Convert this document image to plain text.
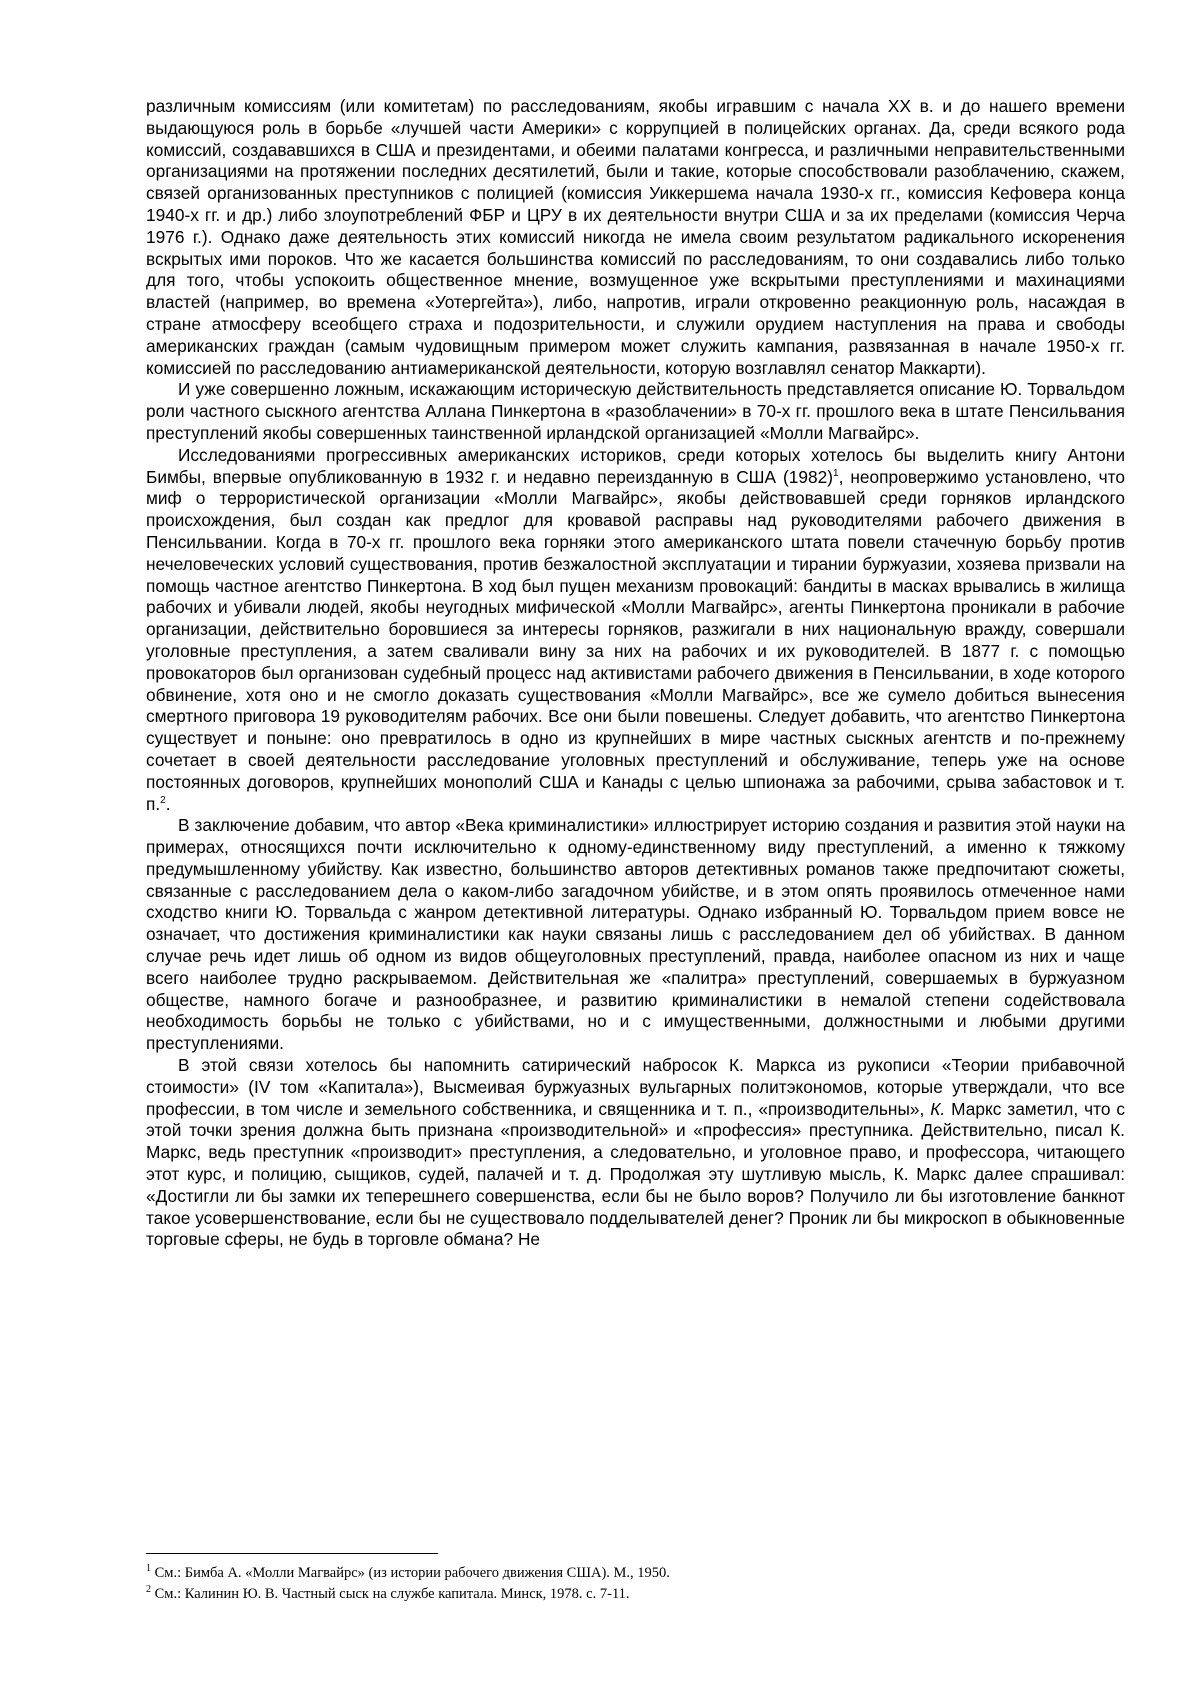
различным комиссиям (или комитетам) по расследованиям, якобы игравшим с начала XX в. и до нашего времени выдающуюся роль в борьбе «лучшей части Америки» с коррупцией в полицейских органах. Да, среди всякого рода комиссий, создававшихся в США и президентами, и обеими палатами конгресса, и различными неправительственными организациями на протяжении последних десятилетий, были и такие, которые способствовали разоблачению, скажем, связей организованных преступников с полицией (комиссия Уиккершема начала 1930-х гг., комиссия Кефовера конца 1940-х гг. и др.) либо злоупотреблений ФБР и ЦРУ в их деятельности внутри США и за их пределами (комиссия Черча 1976 г.). Однако даже деятельность этих комиссий никогда не имела своим результатом радикального искоренения вскрытых ими пороков. Что же касается большинства комиссий по расследованиям, то они создавались либо только для того, чтобы успокоить общественное мнение, возмущенное уже вскрытыми преступлениями и махинациями властей (например, во времена «Уотергейта»), либо, напротив, играли откровенно реакционную роль, насаждая в стране атмосферу всеобщего страха и подозрительности, и служили орудием наступления на права и свободы американских граждан (самым чудовищным примером может служить кампания, развязанная в начале 1950-х гг. комиссией по расследованию антиамериканской деятельности, которую возглавлял сенатор Маккарти).

И уже совершенно ложным, искажающим историческую действительность представляется описание Ю. Торвальдом роли частного сыскного агентства Аллана Пинкертона в «разоблачении» в 70-х гг. прошлого века в штате Пенсильвания преступлений якобы совершенных таинственной ирландской организацией «Молли Магвайрс».

Исследованиями прогрессивных американских историков, среди которых хотелось бы выделить книгу Антони Бимбы, впервые опубликованную в 1932 г. и недавно переизданную в США (1982)1, неопровержимо установлено, что миф о террористической организации «Молли Магвайрс», якобы действовавшей среди горняков ирландского происхождения, был создан как предлог для кровавой расправы над руководителями рабочего движения в Пенсильвании. Когда в 70-х гг. прошлого века горняки этого американского штата повели стачечную борьбу против нечеловеческих условий существования, против безжалостной эксплуатации и тирании буржуазии, хозяева призвали на помощь частное агентство Пинкертона. В ход был пущен механизм провокаций: бандиты в масках врывались в жилища рабочих и убивали людей, якобы неугодных мифической «Молли Магвайрс», агенты Пинкертона проникали в рабочие организации, действительно боровшиеся за интересы горняков, разжигали в них национальную вражду, совершали уголовные преступления, а затем сваливали вину за них на рабочих и их руководителей. В 1877 г. с помощью провокаторов был организован судебный процесс над активистами рабочего движения в Пенсильвании, в ходе которого обвинение, хотя оно и не смогло доказать существования «Молли Магвайрс», все же сумело добиться вынесения смертного приговора 19 руководителям рабочих. Все они были повешены. Следует добавить, что агентство Пинкертона существует и поныне: оно превратилось в одно из крупнейших в мире частных сыскных агентств и по-прежнему сочетает в своей деятельности расследование уголовных преступлений и обслуживание, теперь уже на основе постоянных договоров, крупнейших монополий США и Канады с целью шпионажа за рабочими, срыва забастовок и т. п.2.

В заключение добавим, что автор «Века криминалистики» иллюстрирует историю создания и развития этой науки на примерах, относящихся почти исключительно к одному-единственному виду преступлений, а именно к тяжкому предумышленному убийству. Как известно, большинство авторов детективных романов также предпочитают сюжеты, связанные с расследованием дела о каком-либо загадочном убийстве, и в этом опять проявилось отмеченное нами сходство книги Ю. Торвальда с жанром детективной литературы. Однако избранный Ю. Торвальдом прием вовсе не означает, что достижения криминалистики как науки связаны лишь с расследованием дел об убийствах. В данном случае речь идет лишь об одном из видов общеуголовных преступлений, правда, наиболее опасном из них и чаще всего наиболее трудно раскрываемом. Действительная же «палитра» преступлений, совершаемых в буржуазном обществе, намного богаче и разнообразнее, и развитию криминалистики в немалой степени содействовала необходимость борьбы не только с убийствами, но и с имущественными, должностными и любыми другими преступлениями.

В этой связи хотелось бы напомнить сатирический набросок К. Маркса из рукописи «Теории прибавочной стоимости» (IV том «Капитала»), Высмеивая буржуазных вульгарных политэкономов, которые утверждали, что все профессии, в том числе и земельного собственника, и священника и т. п., «производительны», К. Маркс заметил, что с этой точки зрения должна быть признана «производительной» и «профессия» преступника. Действительно, писал К. Маркс, ведь преступник «производит» преступления, а следовательно, и уголовное право, и профессора, читающего этот курс, и полицию, сыщиков, судей, палачей и т. д. Продолжая эту шутливую мысль, К. Маркс далее спрашивал: «Достигли ли бы замки их теперешнего совершенства, если бы не было воров? Получило ли бы изготовление банкнот такое усовершенствование, если бы не существовало подделывателей денег? Проник ли бы микроскоп в обыкновенные торговые сферы, не будь в торговле обмана? Не

1 См.: Бимба А. «Молли Магвайрс» (из истории рабочего движения США). М., 1950.

2 См.: Калинин Ю. В. Частный сыск на службе капитала. Минск, 1978. с. 7-11.
